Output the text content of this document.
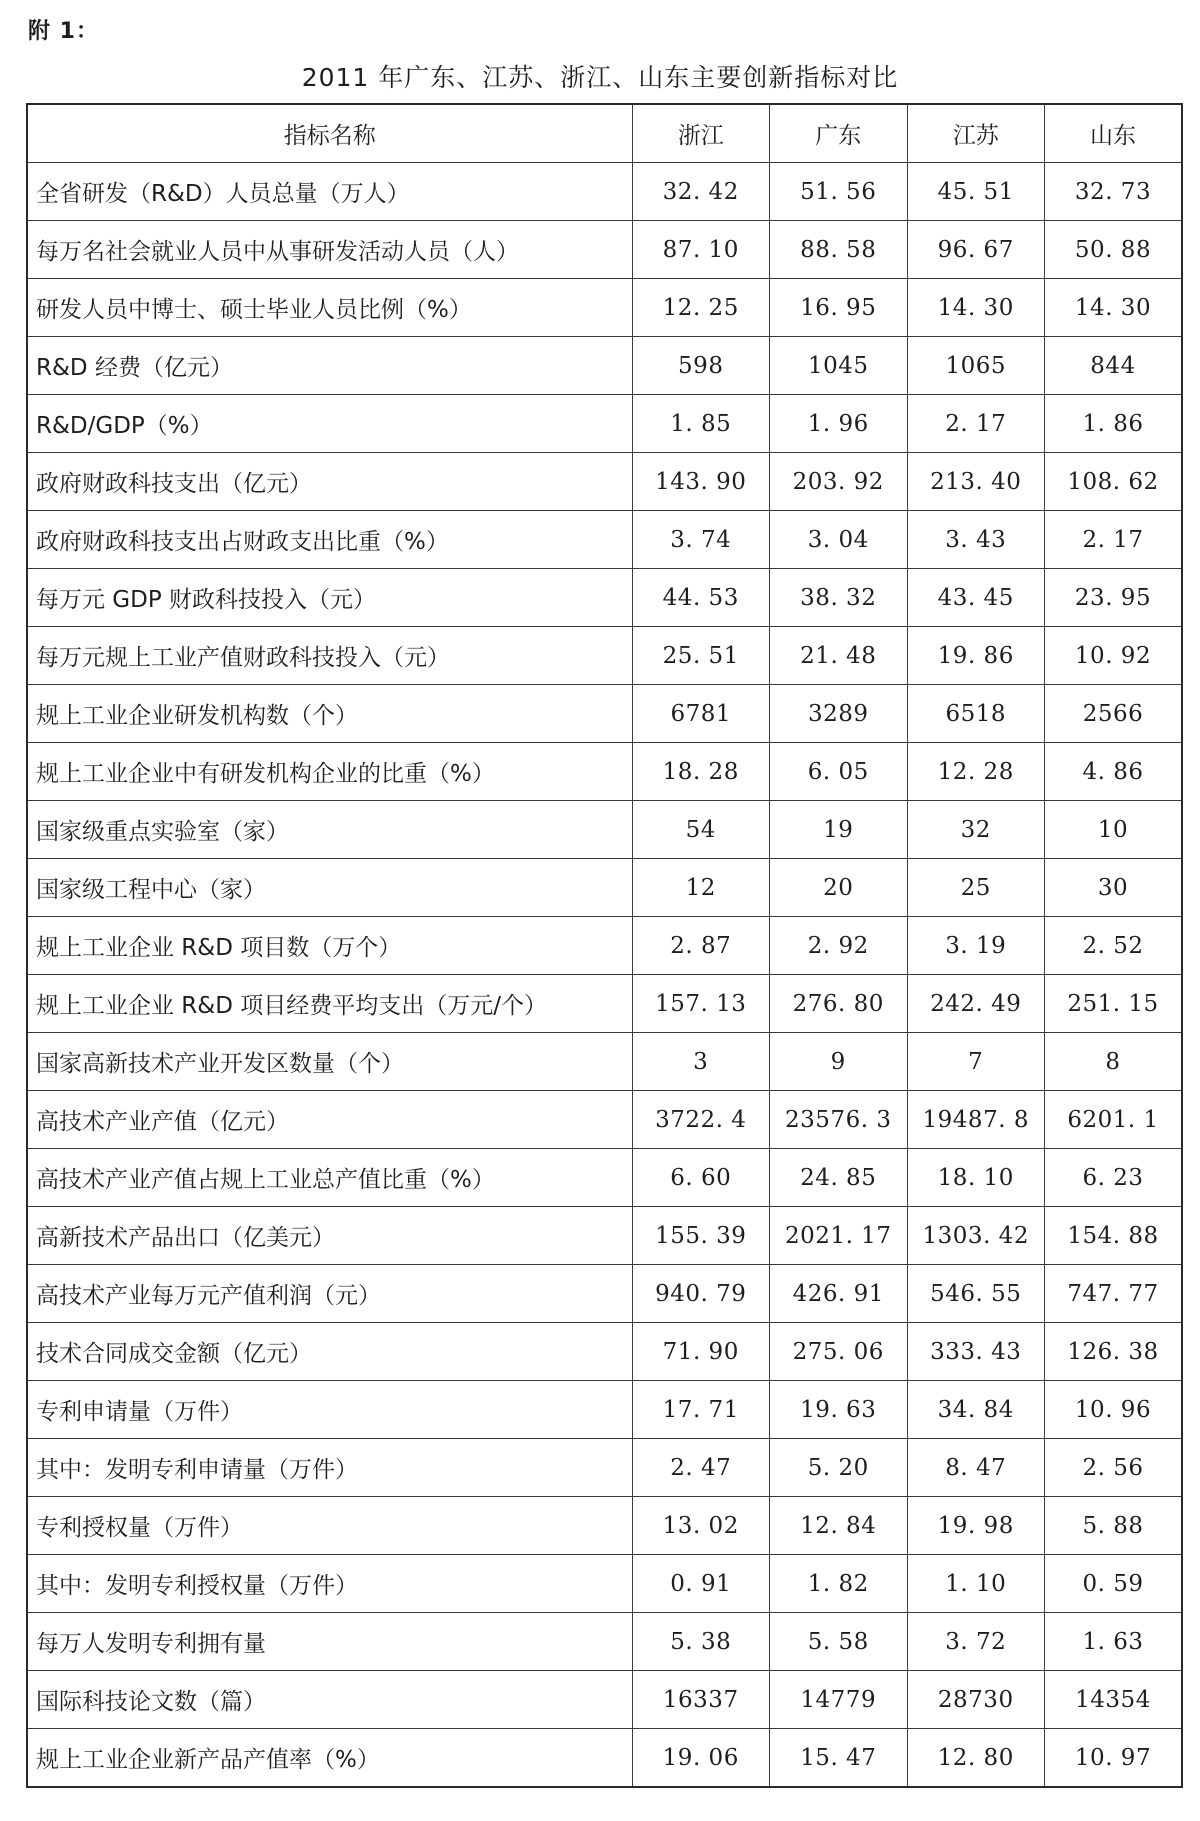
附 1：
2011 年广东、江苏、浙江、山东主要创新指标对比
指标名称	浙江	广东	江苏	山东
全省研发（R&D）人员总量（万人）	32. 42	51. 56	45. 51	32. 73
每万名社会就业人员中从事研发活动人员（人）	87. 10	88. 58	96. 67	50. 88
研发人员中博士、硕士毕业人员比例（%）	12. 25	16. 95	14. 30	14. 30
R&D 经费（亿元）	598	1045	1065	844
R&D/GDP（%）	1. 85	1. 96	2. 17	1. 86
政府财政科技支出（亿元）	143. 90	203. 92	213. 40	108. 62
政府财政科技支出占财政支出比重（%）	3. 74	3. 04	3. 43	2. 17
每万元 GDP 财政科技投入（元）	44. 53	38. 32	43. 45	23. 95
每万元规上工业产值财政科技投入（元）	25. 51	21. 48	19. 86	10. 92
规上工业企业研发机构数（个）	6781	3289	6518	2566
规上工业企业中有研发机构企业的比重（%）	18. 28	6. 05	12. 28	4. 86
国家级重点实验室（家）	54	19	32	10
国家级工程中心（家）	12	20	25	30
规上工业企业 R&D 项目数（万个）	2. 87	2. 92	3. 19	2. 52
规上工业企业 R&D 项目经费平均支出（万元/个）	157. 13	276. 80	242. 49	251. 15
国家高新技术产业开发区数量（个）	3	9	7	8
高技术产业产值（亿元）	3722. 4	23576. 3	19487. 8	6201. 1
高技术产业产值占规上工业总产值比重（%）	6. 60	24. 85	18. 10	6. 23
高新技术产品出口（亿美元）	155. 39	2021. 17	1303. 42	154. 88
高技术产业每万元产值利润（元）	940. 79	426. 91	546. 55	747. 77
技术合同成交金额（亿元）	71. 90	275. 06	333. 43	126. 38
专利申请量（万件）	17. 71	19. 63	34. 84	10. 96
其中：发明专利申请量（万件）	2. 47	5. 20	8. 47	2. 56
专利授权量（万件）	13. 02	12. 84	19. 98	5. 88
其中：发明专利授权量（万件）	0. 91	1. 82	1. 10	0. 59
每万人发明专利拥有量	5. 38	5. 58	3. 72	1. 63
国际科技论文数（篇）	16337	14779	28730	14354
规上工业企业新产品产值率（%）	19. 06	15. 47	12. 80	10. 97
